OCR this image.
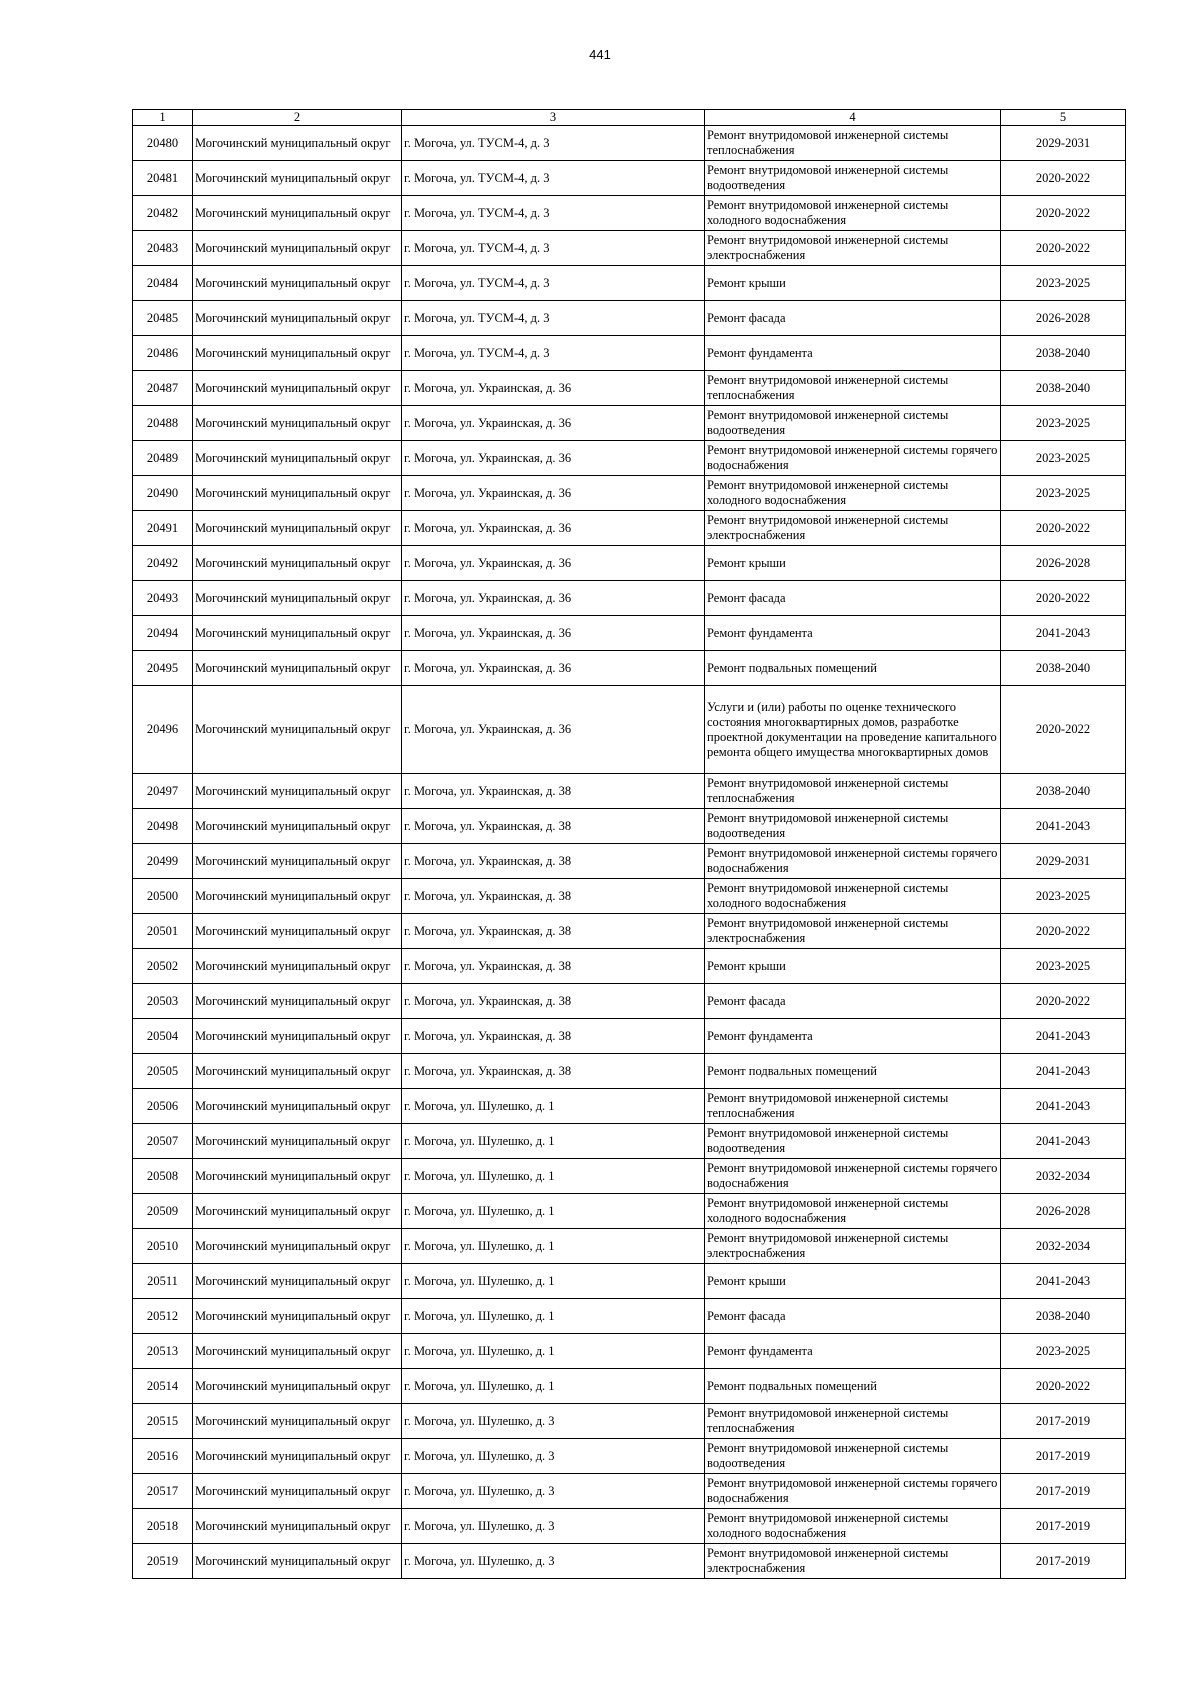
441
1	2	3	4	5
20480	Могочинский муниципальный округ	г. Могоча, ул. ТУСМ-4, д. 3	Ремонт внутридомовой инженерной системы теплоснабжения	2029-2031
20481	Могочинский муниципальный округ	г. Могоча, ул. ТУСМ-4, д. 3	Ремонт внутридомовой инженерной системы водоотведения	2020-2022
20482	Могочинский муниципальный округ	г. Могоча, ул. ТУСМ-4, д. 3	Ремонт внутридомовой инженерной системы холодного водоснабжения	2020-2022
20483	Могочинский муниципальный округ	г. Могоча, ул. ТУСМ-4, д. 3	Ремонт внутридомовой инженерной системы электроснабжения	2020-2022
20484	Могочинский муниципальный округ	г. Могоча, ул. ТУСМ-4, д. 3	Ремонт крыши	2023-2025
20485	Могочинский муниципальный округ	г. Могоча, ул. ТУСМ-4, д. 3	Ремонт фасада	2026-2028
20486	Могочинский муниципальный округ	г. Могоча, ул. ТУСМ-4, д. 3	Ремонт фундамента	2038-2040
20487	Могочинский муниципальный округ	г. Могоча, ул. Украинская, д. 36	Ремонт внутридомовой инженерной системы теплоснабжения	2038-2040
20488	Могочинский муниципальный округ	г. Могоча, ул. Украинская, д. 36	Ремонт внутридомовой инженерной системы водоотведения	2023-2025
20489	Могочинский муниципальный округ	г. Могоча, ул. Украинская, д. 36	Ремонт внутридомовой инженерной системы горячего водоснабжения	2023-2025
20490	Могочинский муниципальный округ	г. Могоча, ул. Украинская, д. 36	Ремонт внутридомовой инженерной системы холодного водоснабжения	2023-2025
20491	Могочинский муниципальный округ	г. Могоча, ул. Украинская, д. 36	Ремонт внутридомовой инженерной системы электроснабжения	2020-2022
20492	Могочинский муниципальный округ	г. Могоча, ул. Украинская, д. 36	Ремонт крыши	2026-2028
20493	Могочинский муниципальный округ	г. Могоча, ул. Украинская, д. 36	Ремонт фасада	2020-2022
20494	Могочинский муниципальный округ	г. Могоча, ул. Украинская, д. 36	Ремонт фундамента	2041-2043
20495	Могочинский муниципальный округ	г. Могоча, ул. Украинская, д. 36	Ремонт подвальных помещений	2038-2040
20496	Могочинский муниципальный округ	г. Могоча, ул. Украинская, д. 36	Услуги и (или) работы по оценке технического состояния многоквартирных домов, разработке проектной документации на проведение капитального ремонта общего имущества многоквартирных домов	2020-2022
20497	Могочинский муниципальный округ	г. Могоча, ул. Украинская, д. 38	Ремонт внутридомовой инженерной системы теплоснабжения	2038-2040
20498	Могочинский муниципальный округ	г. Могоча, ул. Украинская, д. 38	Ремонт внутридомовой инженерной системы водоотведения	2041-2043
20499	Могочинский муниципальный округ	г. Могоча, ул. Украинская, д. 38	Ремонт внутридомовой инженерной системы горячего водоснабжения	2029-2031
20500	Могочинский муниципальный округ	г. Могоча, ул. Украинская, д. 38	Ремонт внутридомовой инженерной системы холодного водоснабжения	2023-2025
20501	Могочинский муниципальный округ	г. Могоча, ул. Украинская, д. 38	Ремонт внутридомовой инженерной системы электроснабжения	2020-2022
20502	Могочинский муниципальный округ	г. Могоча, ул. Украинская, д. 38	Ремонт крыши	2023-2025
20503	Могочинский муниципальный округ	г. Могоча, ул. Украинская, д. 38	Ремонт фасада	2020-2022
20504	Могочинский муниципальный округ	г. Могоча, ул. Украинская, д. 38	Ремонт фундамента	2041-2043
20505	Могочинский муниципальный округ	г. Могоча, ул. Украинская, д. 38	Ремонт подвальных помещений	2041-2043
20506	Могочинский муниципальный округ	г. Могоча, ул. Шулешко, д. 1	Ремонт внутридомовой инженерной системы теплоснабжения	2041-2043
20507	Могочинский муниципальный округ	г. Могоча, ул. Шулешко, д. 1	Ремонт внутридомовой инженерной системы водоотведения	2041-2043
20508	Могочинский муниципальный округ	г. Могоча, ул. Шулешко, д. 1	Ремонт внутридомовой инженерной системы горячего водоснабжения	2032-2034
20509	Могочинский муниципальный округ	г. Могоча, ул. Шулешко, д. 1	Ремонт внутридомовой инженерной системы холодного водоснабжения	2026-2028
20510	Могочинский муниципальный округ	г. Могоча, ул. Шулешко, д. 1	Ремонт внутридомовой инженерной системы электроснабжения	2032-2034
20511	Могочинский муниципальный округ	г. Могоча, ул. Шулешко, д. 1	Ремонт крыши	2041-2043
20512	Могочинский муниципальный округ	г. Могоча, ул. Шулешко, д. 1	Ремонт фасада	2038-2040
20513	Могочинский муниципальный округ	г. Могоча, ул. Шулешко, д. 1	Ремонт фундамента	2023-2025
20514	Могочинский муниципальный округ	г. Могоча, ул. Шулешко, д. 1	Ремонт подвальных помещений	2020-2022
20515	Могочинский муниципальный округ	г. Могоча, ул. Шулешко, д. 3	Ремонт внутридомовой инженерной системы теплоснабжения	2017-2019
20516	Могочинский муниципальный округ	г. Могоча, ул. Шулешко, д. 3	Ремонт внутридомовой инженерной системы водоотведения	2017-2019
20517	Могочинский муниципальный округ	г. Могоча, ул. Шулешко, д. 3	Ремонт внутридомовой инженерной системы горячего водоснабжения	2017-2019
20518	Могочинский муниципальный округ	г. Могоча, ул. Шулешко, д. 3	Ремонт внутридомовой инженерной системы холодного водоснабжения	2017-2019
20519	Могочинский муниципальный округ	г. Могоча, ул. Шулешко, д. 3	Ремонт внутридомовой инженерной системы электроснабжения	2017-2019
